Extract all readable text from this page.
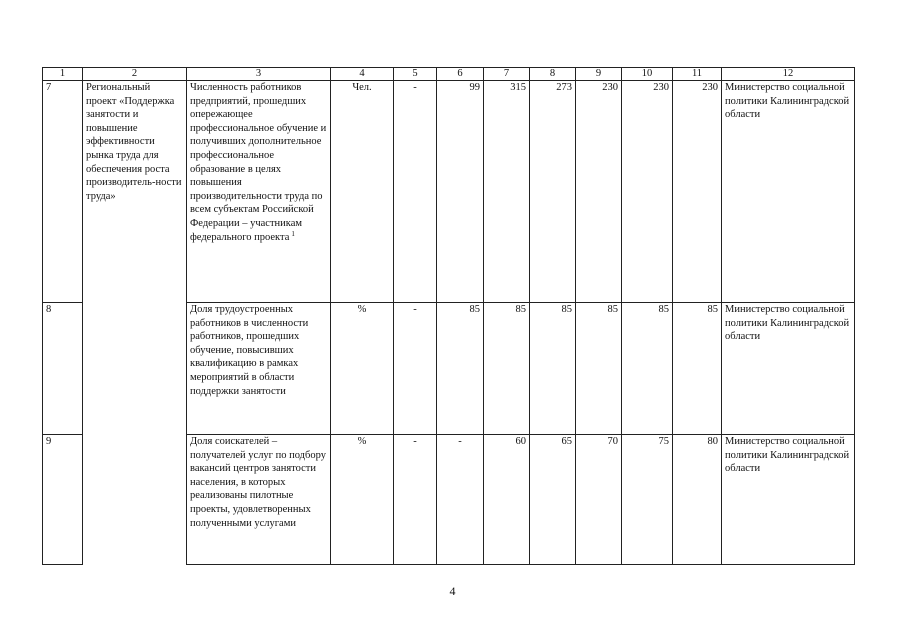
1	2	3	4	5	6	7	8	9	10	11	12
7	Региональный проект «Поддержка занятости и повышение эффективности рынка труда для обеспечения роста производитель-ности труда»	Численность работников предприятий, прошедших опережающее профессиональное обучение и получивших дополнительное профессиональное образование в целях повышения производительности труда по всем субъектам Российской Федерации – участникам федерального проекта $^1$	Чел.	-	99	315	273	230	230	230	Министерство социальной политики Калининградской области
8		Доля трудоустроенных работников в численности работников, прошедших обучение, повысивших квалификацию в рамках мероприятий в области поддержки занятости	%	-	85	85	85	85	85	85	Министерство социальной политики Калининградской области
9		Доля соискателей – получателей услуг по подбору вакансий центров занятости населения, в которых реализованы пилотные проекты, удовлетворенных полученными услугами	%	-	-	60	65	70	75	80	Министерство социальной политики Калининградской области
4
